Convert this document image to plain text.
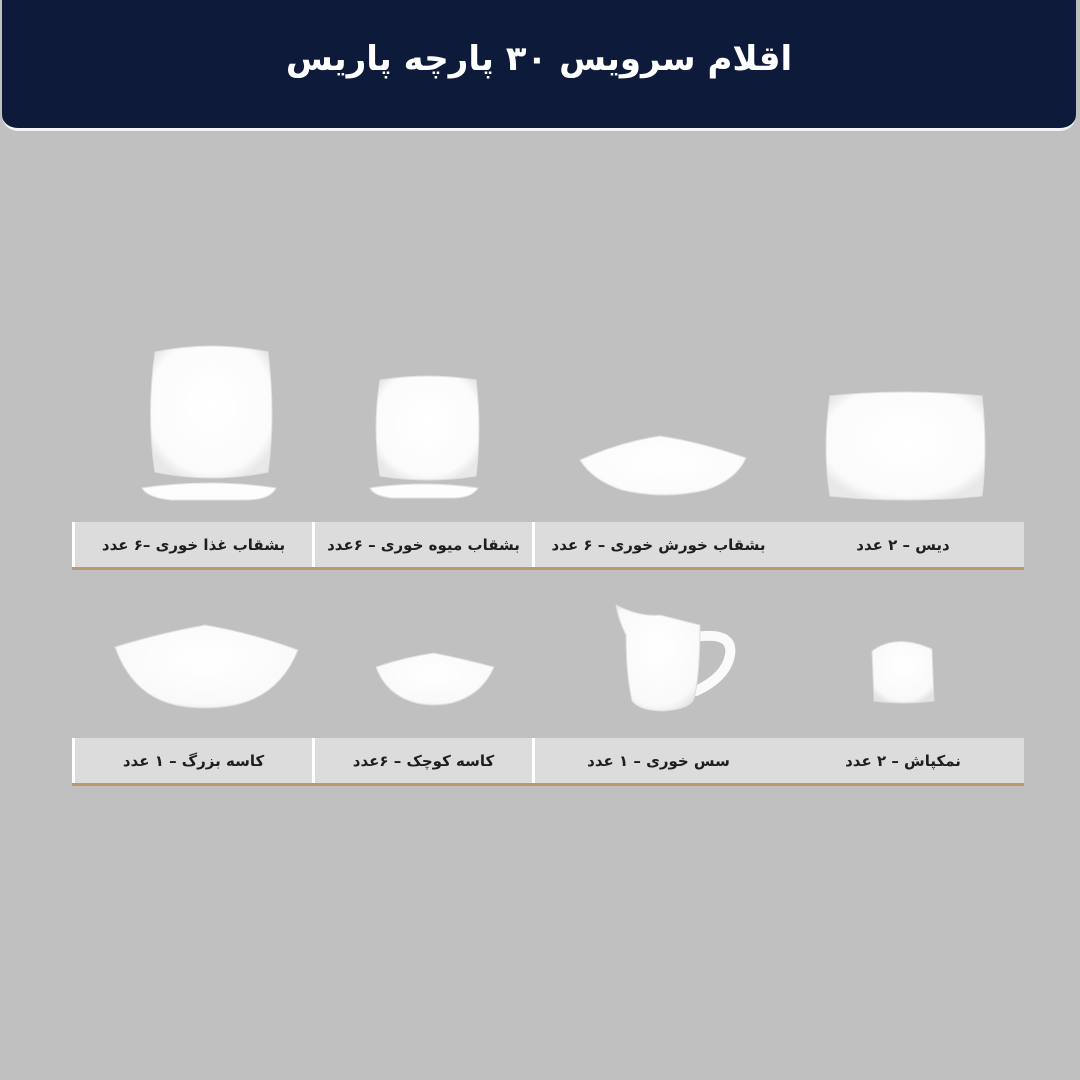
اقلام سرویس ۳۰ پارچه پاریس
دیس – ۲ عدد
بشقاب خورش خوری – ۶ عدد
بشقاب میوه خوری – ۶عدد
بشقاب غذا خوری –۶ عدد
نمکپاش – ۲ عدد
سس خوری – ۱ عدد
کاسه کوچک – ۶عدد
کاسه بزرگ – ۱ عدد
